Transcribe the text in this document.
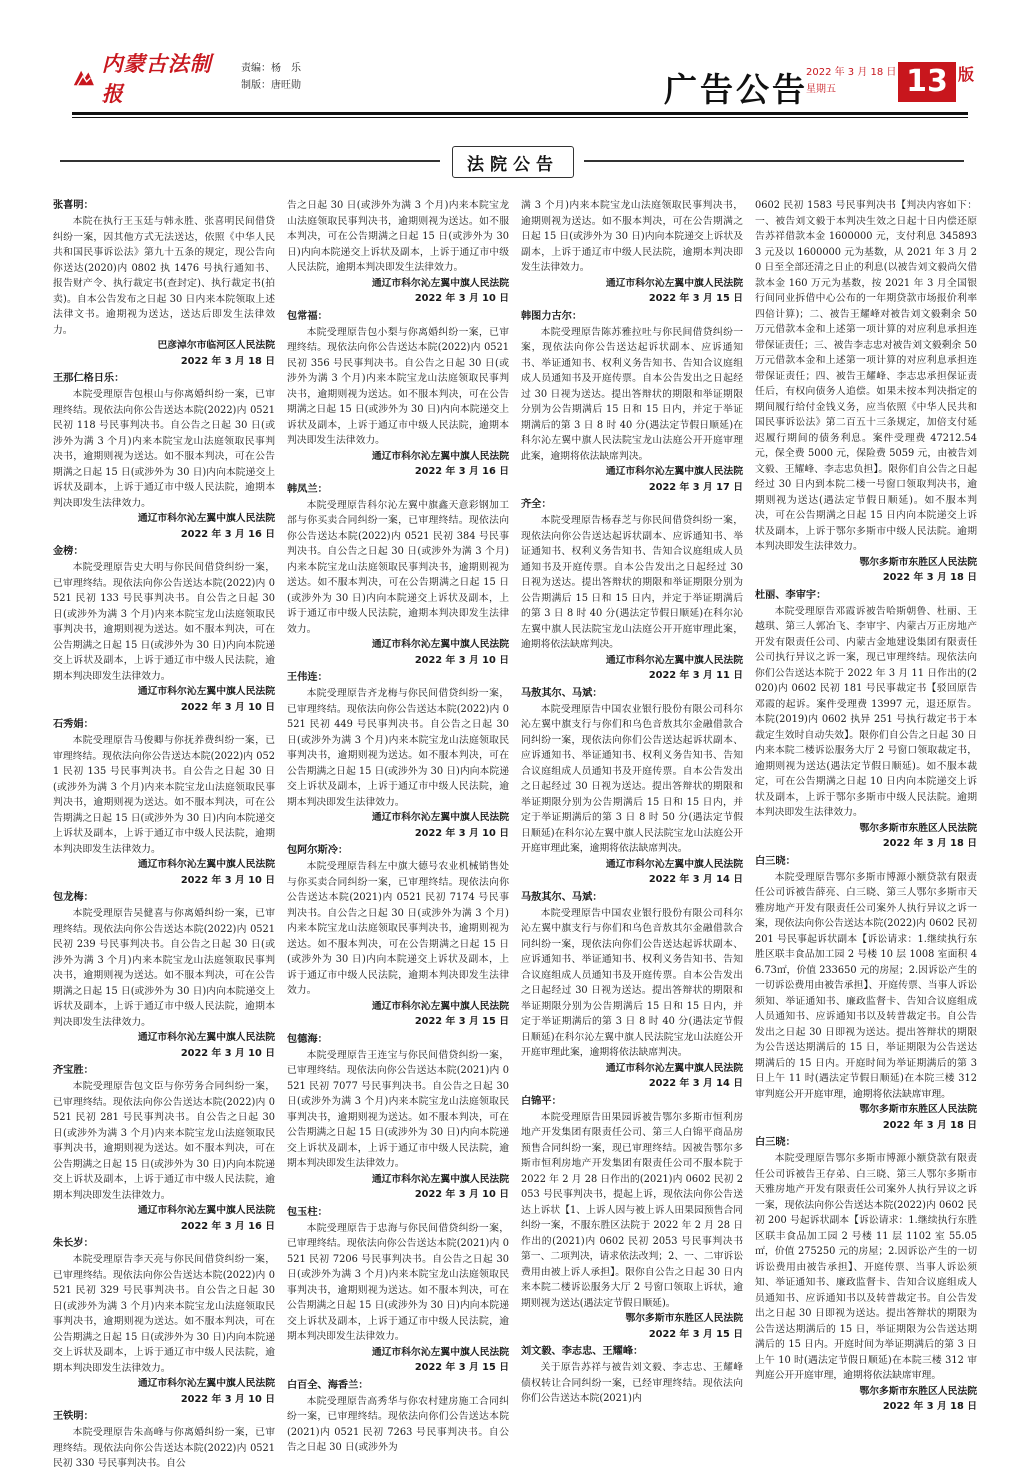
内蒙古法制报
责编：杨　乐
制版：唐旺勋	广告公告
2022 年 3 月 18 日
星期五	13 版
法院公告

张喜明：

本院在执行王玉廷与韩永胜、张喜明民间借贷纠纷一案，因其他方式无法送达，依照《中华人民共和国民事诉讼法》第九十五条的规定，现公告向你送达(2020)内 0802 执 1476 号执行通知书、报告财产令、执行裁定书(查封定)、执行裁定书(拍卖)。自本公告发布之日起 30 日内来本院领取上述法律文书。逾期视为送达，送达后即发生法律效力。

巴彦淖尔市临河区人民法院

2022 年 3 月 18 日

王那仁格日乐：

本院受理原告包根山与你离婚纠纷一案，已审理终结。现依法向你公告送达本院(2022)内 0521 民初 118 号民事判决书。自公告之日起 30 日(或涉外为满 3 个月)内来本院宝龙山法庭领取民事判决书，逾期则视为送达。如不服本判决，可在公告期满之日起 15 日(或涉外为 30 日)内向本院递交上诉状及副本，上诉于通辽市中级人民法院，逾期本判决即发生法律效力。

通辽市科尔沁左翼中旗人民法院

2022 年 3 月 16 日

金榜：

本院受理原告史大明与你民间借贷纠纷一案，已审理终结。现依法向你公告送达本院(2022)内 0521 民初 133 号民事判决书。自公告之日起 30 日(或涉外为满 3 个月)内来本院宝龙山法庭领取民事判决书，逾期则视为送达。如不服本判决，可在公告期满之日起 15 日(或涉外为 30 日)内向本院递交上诉状及副本，上诉于通辽市中级人民法院，逾期本判决即发生法律效力。

通辽市科尔沁左翼中旗人民法院

2022 年 3 月 10 日

石秀娟：

本院受理原告马俊卿与你抚养费纠纷一案，已审理终结。现依法向你公告送达本院(2022)内 0521 民初 135 号民事判决书。自公告之日起 30 日(或涉外为满 3 个月)内来本院宝龙山法庭领取民事判决书，逾期则视为送达。如不服本判决，可在公告期满之日起 15 日(或涉外为 30 日)内向本院递交上诉状及副本，上诉于通辽市中级人民法院，逾期本判决即发生法律效力。

通辽市科尔沁左翼中旗人民法院

2022 年 3 月 10 日

包龙梅：

本院受理原告吴健喜与你离婚纠纷一案，已审理终结。现依法向你公告送达本院(2022)内 0521 民初 239 号民事判决书。自公告之日起 30 日(或涉外为满 3 个月)内来本院宝龙山法庭领取民事判决书，逾期则视为送达。如不服本判决，可在公告期满之日起 15 日(或涉外为 30 日)内向本院递交上诉状及副本，上诉于通辽市中级人民法院，逾期本判决即发生法律效力。

通辽市科尔沁左翼中旗人民法院

2022 年 3 月 10 日

齐宝胜：

本院受理原告包文臣与你劳务合同纠纷一案，已审理终结。现依法向你公告送达本院(2022)内 0521 民初 281 号民事判决书。自公告之日起 30 日(或涉外为满 3 个月)内来本院宝龙山法庭领取民事判决书，逾期则视为送达。如不服本判决，可在公告期满之日起 15 日(或涉外为 30 日)内向本院递交上诉状及副本，上诉于通辽市中级人民法院，逾期本判决即发生法律效力。

通辽市科尔沁左翼中旗人民法院

2022 年 3 月 16 日

朱长岁：

本院受理原告李天亮与你民间借贷纠纷一案，已审理终结。现依法向你公告送达本院(2022)内 0521 民初 329 号民事判决书。自公告之日起 30 日(或涉外为满 3 个月)内来本院宝龙山法庭领取民事判决书，逾期则视为送达。如不服本判决，可在公告期满之日起 15 日(或涉外为 30 日)内向本院递交上诉状及副本，上诉于通辽市中级人民法院，逾期本判决即发生法律效力。

通辽市科尔沁左翼中旗人民法院

2022 年 3 月 10 日

王铁明：

本院受理原告朱高峰与你离婚纠纷一案，已审理终结。现依法向你公告送达本院(2022)内 0521 民初 330 号民事判决书。自公

告之日起 30 日(或涉外为满 3 个月)内来本院宝龙山法庭领取民事判决书，逾期则视为送达。如不服本判决，可在公告期满之日起 15 日(或涉外为 30 日)内向本院递交上诉状及副本，上诉于通辽市中级人民法院，逾期本判决即发生法律效力。

通辽市科尔沁左翼中旗人民法院

2022 年 3 月 10 日

包常福：

本院受理原告包小梨与你离婚纠纷一案，已审理终结。现依法向你公告送达本院(2022)内 0521 民初 356 号民事判决书。自公告之日起 30 日(或涉外为满 3 个月)内来本院宝龙山法庭领取民事判决书，逾期则视为送达。如不服本判决，可在公告期满之日起 15 日(或涉外为 30 日)内向本院递交上诉状及副本，上诉于通辽市中级人民法院，逾期本判决即发生法律效力。

通辽市科尔沁左翼中旗人民法院

2022 年 3 月 16 日

韩凤兰：

本院受理原告科尔沁左翼中旗鑫天意彩钢加工部与你买卖合同纠纷一案，已审理终结。现依法向你公告送达本院(2022)内 0521 民初 384 号民事判决书。自公告之日起 30 日(或涉外为满 3 个月)内来本院宝龙山法庭领取民事判决书，逾期则视为送达。如不服本判决，可在公告期满之日起 15 日(或涉外为 30 日)内向本院递交上诉状及副本，上诉于通辽市中级人民法院，逾期本判决即发生法律效力。

通辽市科尔沁左翼中旗人民法院

2022 年 3 月 10 日

王伟连：

本院受理原告齐龙梅与你民间借贷纠纷一案，已审理终结。现依法向你公告送达本院(2022)内 0521 民初 449 号民事判决书。自公告之日起 30 日(或涉外为满 3 个月)内来本院宝龙山法庭领取民事判决书，逾期则视为送达。如不服本判决，可在公告期满之日起 15 日(或涉外为 30 日)内向本院递交上诉状及副本，上诉于通辽市中级人民法院，逾期本判决即发生法律效力。

通辽市科尔沁左翼中旗人民法院

2022 年 3 月 10 日

包阿尔斯冷：

本院受理原告科左中旗大德号农业机械销售处与你买卖合同纠纷一案，已审理终结。现依法向你公告送达本院(2021)内 0521 民初 7174 号民事判决书。自公告之日起 30 日(或涉外为满 3 个月)内来本院宝龙山法庭领取民事判决书，逾期则视为送达。如不服本判决，可在公告期满之日起 15 日(或涉外为 30 日)内向本院递交上诉状及副本，上诉于通辽市中级人民法院，逾期本判决即发生法律效力。

通辽市科尔沁左翼中旗人民法院

2022 年 3 月 15 日

包德海：

本院受理原告王连宝与你民间借贷纠纷一案，已审理终结。现依法向你公告送达本院(2021)内 0521 民初 7077 号民事判决书。自公告之日起 30 日(或涉外为满 3 个月)内来本院宝龙山法庭领取民事判决书，逾期则视为送达。如不服本判决，可在公告期满之日起 15 日(或涉外为 30 日)内向本院递交上诉状及副本，上诉于通辽市中级人民法院，逾期本判决即发生法律效力。

通辽市科尔沁左翼中旗人民法院

2022 年 3 月 10 日

包玉柱：

本院受理原告于忠海与你民间借贷纠纷一案，已审理终结。现依法向你公告送达本院(2021)内 0521 民初 7206 号民事判决书。自公告之日起 30 日(或涉外为满 3 个月)内来本院宝龙山法庭领取民事判决书，逾期则视为送达。如不服本判决，可在公告期满之日起 15 日(或涉外为 30 日)内向本院递交上诉状及副本，上诉于通辽市中级人民法院，逾期本判决即发生法律效力。

通辽市科尔沁左翼中旗人民法院

2022 年 3 月 15 日

白百全、海香兰：

本院受理原告高秀华与你农村建房施工合同纠纷一案，已审理终结。现依法向你们公告送达本院(2021)内 0521 民初 7263 号民事判决书。自公告之日起 30 日(或涉外为

满 3 个月)内来本院宝龙山法庭领取民事判决书，逾期则视为送达。如不服本判决，可在公告期满之日起 15 日(或涉外为 30 日)内向本院递交上诉状及副本，上诉于通辽市中级人民法院，逾期本判决即发生法律效力。

通辽市科尔沁左翼中旗人民法院

2022 年 3 月 15 日

韩图力古尔：

本院受理原告陈苏雅拉吐与你民间借贷纠纷一案，现依法向你公告送达起诉状副本、应诉通知书、举证通知书、权利义务告知书、告知合议庭组成人员通知书及开庭传票。自本公告发出之日起经过 30 日视为送达。提出答辩状的期限和举证期限分别为公告期满后 15 日和 15 日内，并定于举证期满后的第 3 日 8 时 40 分(遇法定节假日顺延)在科尔沁左翼中旗人民法院宝龙山法庭公开开庭审理此案，逾期将依法缺席判决。

通辽市科尔沁左翼中旗人民法院

2022 年 3 月 17 日

齐全：

本院受理原告杨春芝与你民间借贷纠纷一案，现依法向你公告送达起诉状副本、应诉通知书、举证通知书、权利义务告知书、告知合议庭组成人员通知书及开庭传票。自本公告发出之日起经过 30 日视为送达。提出答辩状的期限和举证期限分别为公告期满后 15 日和 15 日内，并定于举证期满后的第 3 日 8 时 40 分(遇法定节假日顺延)在科尔沁左翼中旗人民法院宝龙山法庭公开开庭审理此案，逾期将依法缺席判决。

通辽市科尔沁左翼中旗人民法院

2022 年 3 月 11 日

马敖其尔、马斌：

本院受理原告中国农业银行股份有限公司科尔沁左翼中旗支行与你们和乌色音敖其尔金融借款合同纠纷一案，现依法向你们公告送达起诉状副本、应诉通知书、举证通知书、权利义务告知书、告知合议庭组成人员通知书及开庭传票。自本公告发出之日起经过 30 日视为送达。提出答辩状的期限和举证期限分别为公告期满后 15 日和 15 日内，并定于举证期满后的第 3 日 8 时 50 分(遇法定节假日顺延)在科尔沁左翼中旗人民法院宝龙山法庭公开开庭审理此案，逾期将依法缺席判决。

通辽市科尔沁左翼中旗人民法院

2022 年 3 月 14 日

马敖其尔、马斌：

本院受理原告中国农业银行股份有限公司科尔沁左翼中旗支行与你们和乌色音敖其尔金融借款合同纠纷一案，现依法向你们公告送达起诉状副本、应诉通知书、举证通知书、权利义务告知书、告知合议庭组成人员通知书及开庭传票。自本公告发出之日起经过 30 日视为送达。提出答辩状的期限和举证期限分别为公告期满后 15 日和 15 日内，并定于举证期满后的第 3 日 8 时 40 分(遇法定节假日顺延)在科尔沁左翼中旗人民法院宝龙山法庭公开开庭审理此案，逾期将依法缺席判决。

通辽市科尔沁左翼中旗人民法院

2022 年 3 月 14 日

白锦平：

本院受理原告田果园诉被告鄂尔多斯市恒利房地产开发集团有限责任公司、第三人白锦平商品房预售合同纠纷一案，现已审理终结。因被告鄂尔多斯市恒利房地产开发集团有限责任公司不服本院于 2022 年 2 月 28 日作出的(2021)内 0602 民初 2053 号民事判决书，提起上诉，现依法向你公告送达上诉状【1、上诉人因与被上诉人田果园预售合同纠纷一案，不服东胜区法院于 2022 年 2 月 28 日作出的(2021)内 0602 民初 2053 号民事判决书第一、二项判决，请求依法改判；2、一、二审诉讼费用由被上诉人承担】。限你自公告之日起 30 日内来本院二楼诉讼服务大厅 2 号窗口领取上诉状，逾期则视为送达(遇法定节假日顺延)。

鄂尔多斯市东胜区人民法院

2022 年 3 月 15 日

刘文毅、李志忠、王耀峰：

关于原告苏祥与被告刘文毅、李志忠、王耀峰债权转让合同纠纷一案，已经审理终结。现依法向你们公告送达本院(2021)内

0602 民初 1583 号民事判决书【判决内容如下：一、被告刘文毅于本判决生效之日起十日内偿还原告苏祥借款本金 1600000 元，支付利息 3458933 元及以 1600000 元为基数，从 2021 年 3 月 20 日至全部还清之日止的利息(以被告刘文毅尚欠借款本金 160 万元为基数，按 2021 年 3 月全国银行间同业拆借中心公布的一年期贷款市场报价利率四倍计算)；二、被告王耀峰对被告刘文毅剩余 50 万元借款本金和上述第一项计算的对应利息承担连带保证责任；三、被告李志忠对被告刘文毅剩余 50 万元借款本金和上述第一项计算的对应利息承担连带保证责任；四、被告王耀峰、李志忠承担保证责任后，有权向债务人追偿。如果未按本判决指定的期间履行给付金钱义务，应当依照《中华人民共和国民事诉讼法》第二百五十三条规定，加倍支付延迟履行期间的债务利息。案件受理费 47212.54 元，保全费 5000 元，保险费 5059 元，由被告刘文毅、王耀峰、李志忠负担】。限你们自公告之日起经过 30 日内到本院二楼一号窗口领取判决书，逾期则视为送达(遇法定节假日顺延)。如不服本判决，可在公告期满之日起 15 日内向本院递交上诉状及副本，上诉于鄂尔多斯市中级人民法院。逾期本判决即发生法律效力。

鄂尔多斯市东胜区人民法院

2022 年 3 月 18 日

杜丽、李审宇：

本院受理原告邓霞诉被告哈斯朝鲁、杜丽、王越琪、第三人郭冶飞、李审宇、内蒙古万正房地产开发有限责任公司、内蒙古金地建设集团有限责任公司执行异议之诉一案，现已审理终结。现依法向你们公告送达本院于 2022 年 3 月 11 日作出的(2020)内 0602 民初 181 号民事裁定书【驳回原告邓霞的起诉。案件受理费 13997 元，退还原告。本院(2019)内 0602 执异 251 号执行裁定书于本裁定生效时自动失效】。限你们自公告之日起 30 日内来本院二楼诉讼服务大厅 2 号窗口领取裁定书，逾期则视为送达(遇法定节假日顺延)。如不服本裁定，可在公告期满之日起 10 日内向本院递交上诉状及副本，上诉于鄂尔多斯市中级人民法院。逾期本判决即发生法律效力。

鄂尔多斯市东胜区人民法院

2022 年 3 月 18 日

白三晓：

本院受理原告鄂尔多斯市博源小额贷款有限责任公司诉被告薛亮、白三晓、第三人鄂尔多斯市天雅房地产开发有限责任公司案外人执行异议之诉一案，现依法向你公告送达本院(2022)内 0602 民初 201 号民事起诉状副本【诉讼请求：1.继续执行东胜区联丰食品加工园 2 号楼 10 层 1008 室面积 46.73㎡，价值 233650 元的房屋；2.因诉讼产生的一切诉讼费用由被告承担】、开庭传票、当事人诉讼须知、举证通知书、廉政监督卡、告知合议庭组成人员通知书、应诉通知书以及转普裁定书。自公告发出之日起 30 日即视为送达。提出答辩状的期限为公告送达期满后的 15 日，举证期限为公告送达期满后的 15 日内。开庭时间为举证期满后的第 3 日上午 11 时(遇法定节假日顺延)在本院三楼 312 审判庭公开开庭审理，逾期将依法缺席审理。

鄂尔多斯市东胜区人民法院

2022 年 3 月 18 日

白三晓：

本院受理原告鄂尔多斯市博源小额贷款有限责任公司诉被告王存弟、白三晓、第三人鄂尔多斯市天雅房地产开发有限责任公司案外人执行异议之诉一案，现依法向你公告送达本院(2022)内 0602 民初 200 号起诉状副本【诉讼请求：1.继续执行东胜区联丰食品加工园 2 号楼 11 层 1102 室 55.05㎡，价值 275250 元的房屋；2.因诉讼产生的一切诉讼费用由被告承担】、开庭传票、当事人诉讼须知、举证通知书、廉政监督卡、告知合议庭组成人员通知书、应诉通知书以及转普裁定书。自公告发出之日起 30 日即视为送达。提出答辩状的期限为公告送达期满后的 15 日，举证期限为公告送达期满后的 15 日内。开庭时间为举证期满后的第 3 日上午 10 时(遇法定节假日顺延)在本院三楼 312 审判庭公开开庭审理，逾期将依法缺席审理。

鄂尔多斯市东胜区人民法院

2022 年 3 月 18 日
